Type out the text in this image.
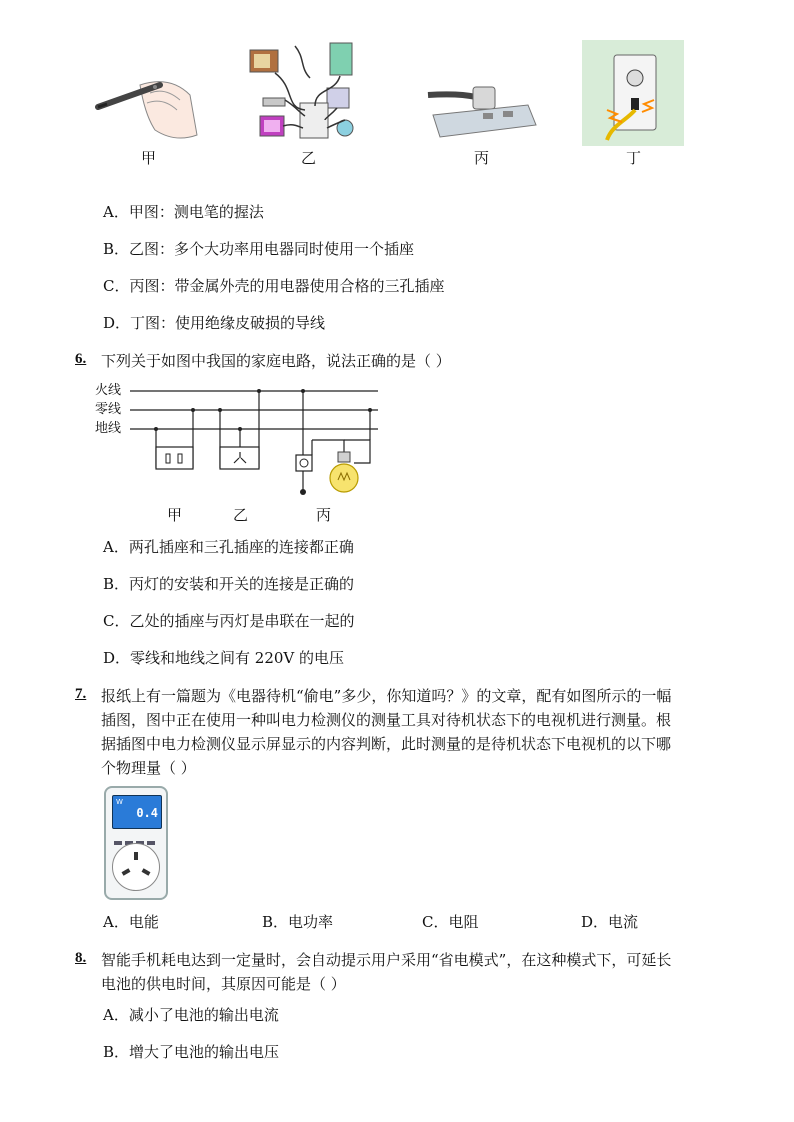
甲	乙	丙	丁
A．甲图：测电笔的握法
B．乙图：多个大功率用电器同时使用一个插座
C．丙图：带金属外壳的用电器使用合格的三孔插座
D．丁图：使用绝缘皮破损的导线
6. 下列关于如图中我国的家庭电路，说法正确的是（ ）
火线
零线
地线
甲	乙	丙
A．两孔插座和三孔插座的连接都正确
B．丙灯的安装和开关的连接是正确的
C．乙处的插座与丙灯是串联在一起的
D．零线和地线之间有 220V 的电压
7. 报纸上有一篇题为《电器待机“偷电”多少，你知道吗？》的文章，配有如图所示的一幅
插图，图中正在使用一种叫电力检测仪的测量工具对待机状态下的电视机进行测量。根
据插图中电力检测仪显示屏显示的内容判断，此时测量的是待机状态下电视机的以下哪
个物理量（ ）
W
0.4
A．电能	B．电功率	C．电阻	D．电流
8. 智能手机耗电达到一定量时，会自动提示用户采用“省电模式”，在这种模式下，可延长
电池的供电时间，其原因可能是（ ）
A．减小了电池的输出电流
B．增大了电池的输出电压
